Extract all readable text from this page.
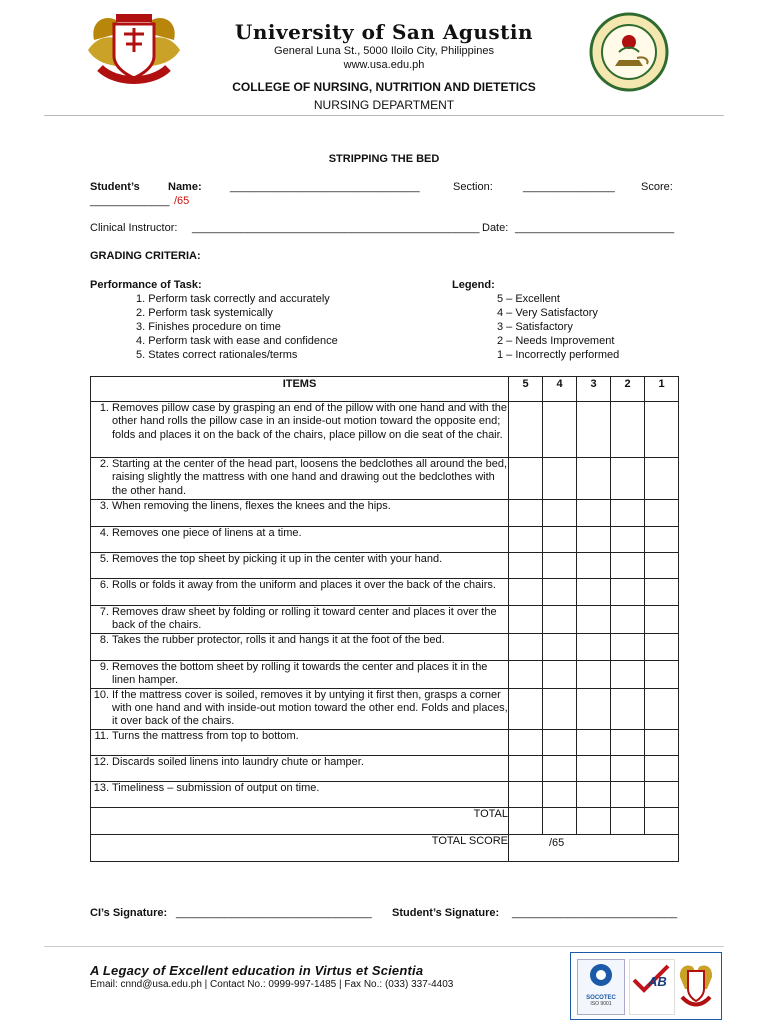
University of San Agustin
General Luna St., 5000 Iloilo City, Philippines
www.usa.edu.ph
COLLEGE OF NURSING, NUTRITION AND DIETETICS
NURSING DEPARTMENT
STRIPPING THE BED
Student’s	Name:	_______________________________	Section:	_______________ Score:
_____________ /65
Clinical Instructor: _______________________________________________ Date: __________________________
GRADING CRITERIA:
Performance of Task:
1. Perform task correctly and accurately
2. Perform task systemically
3. Finishes procedure on time
4. Perform task with ease and confidence
5. States correct rationales/terms
Legend:
5 – Excellent
4 – Very Satisfactory
3 – Satisfactory
2 – Needs Improvement
1 – Incorrectly performed
ITEMS	5	4	3	2	1

1. Removes pillow case by grasping an end of the pillow with one hand and with the other hand rolls the pillow case in an inside-out motion toward the opposite end; folds and places it on the back of the chairs, place pillow on die seat of the chair.					

2. Starting at the center of the head part, loosens the bedclothes all around the bed, raising slightly the mattress with one hand and drawing out the bedclothes with the other hand.					

3. When removing the linens, flexes the knees and the hips.					

4. Removes one piece of linens at a time.					

5. Removes the top sheet by picking it up in the center with your hand.					

6. Rolls or folds it away from the uniform and places it over the back of the chairs.					

7. Removes draw sheet by folding or rolling it toward center and places it over the back of the chairs.					

8. Takes the rubber protector, rolls it and hangs it at the foot of the bed.					

9. Removes the bottom sheet by rolling it towards the center and places it in the linen hamper.					

10. If the mattress cover is soiled, removes it by untying it first then, grasps a corner with one hand and with inside-out motion toward the other end. Folds and places, it over back of the chairs.					

11. Turns the mattress from top to bottom.					

12. Discards soiled linens into laundry chute or hamper.					

13. Timeliness – submission of output on time.					

TOTAL					
TOTAL SCORE	/65				
CI’s Signature: ________________________________ Student’s Signature: ___________________________
A Legacy of Excellent education in Virtus et Scientia
Email: cnnd@usa.edu.ph | Contact No.: 0999-997-1485 | Fax No.: (033) 337-4403
SOCOTEC
ISO 9001
AB
